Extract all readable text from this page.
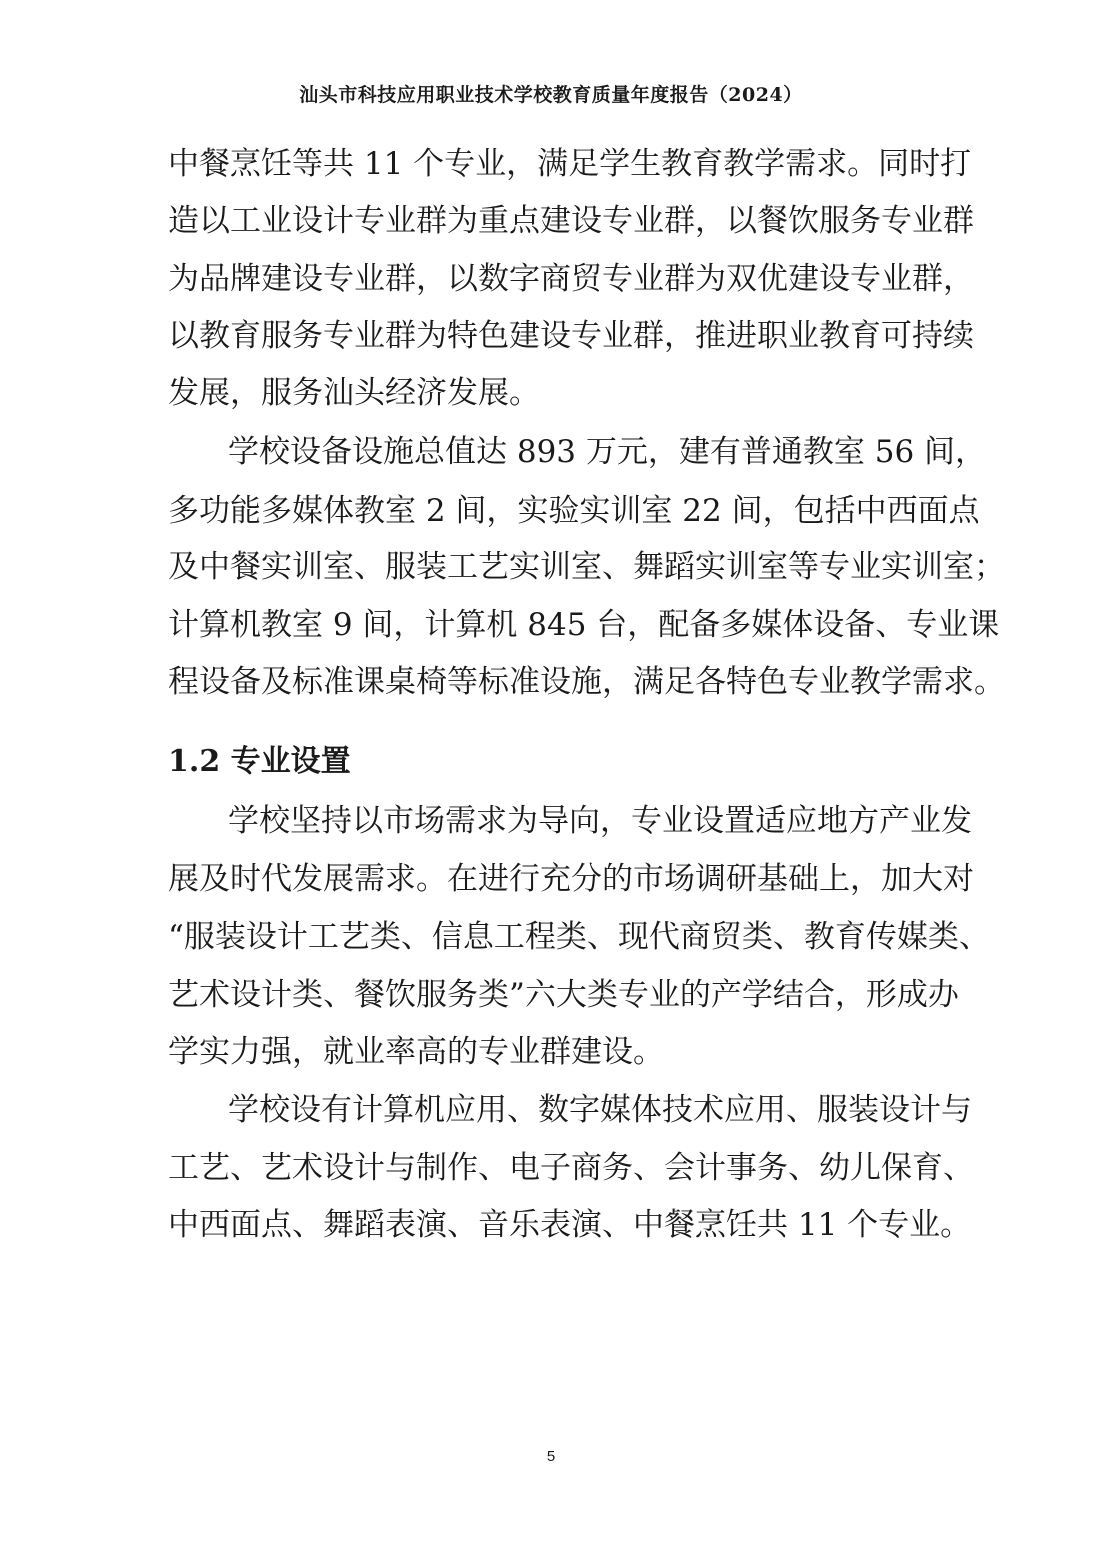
汕头市科技应用职业技术学校教育质量年度报告（2024）
中餐烹饪等共 11 个专业，满足学生教育教学需求。同时打
造以工业设计专业群为重点建设专业群，以餐饮服务专业群
为品牌建设专业群，以数字商贸专业群为双优建设专业群，
以教育服务专业群为特色建设专业群，推进职业教育可持续
发展，服务汕头经济发展。
学校设备设施总值达 893 万元，建有普通教室 56 间，
多功能多媒体教室 2 间，实验实训室 22 间，包括中西面点
及中餐实训室、服装工艺实训室、舞蹈实训室等专业实训室；
计算机教室 9 间，计算机 845 台，配备多媒体设备、专业课
程设备及标准课桌椅等标准设施，满足各特色专业教学需求。
1.2 专业设置
学校坚持以市场需求为导向，专业设置适应地方产业发
展及时代发展需求。在进行充分的市场调研基础上，加大对
“服装设计工艺类、信息工程类、现代商贸类、教育传媒类、
艺术设计类、餐饮服务类”六大类专业的产学结合，形成办
学实力强，就业率高的专业群建设。
学校设有计算机应用、数字媒体技术应用、服装设计与
工艺、艺术设计与制作、电子商务、会计事务、幼儿保育、
中西面点、舞蹈表演、音乐表演、中餐烹饪共 11 个专业。
5
